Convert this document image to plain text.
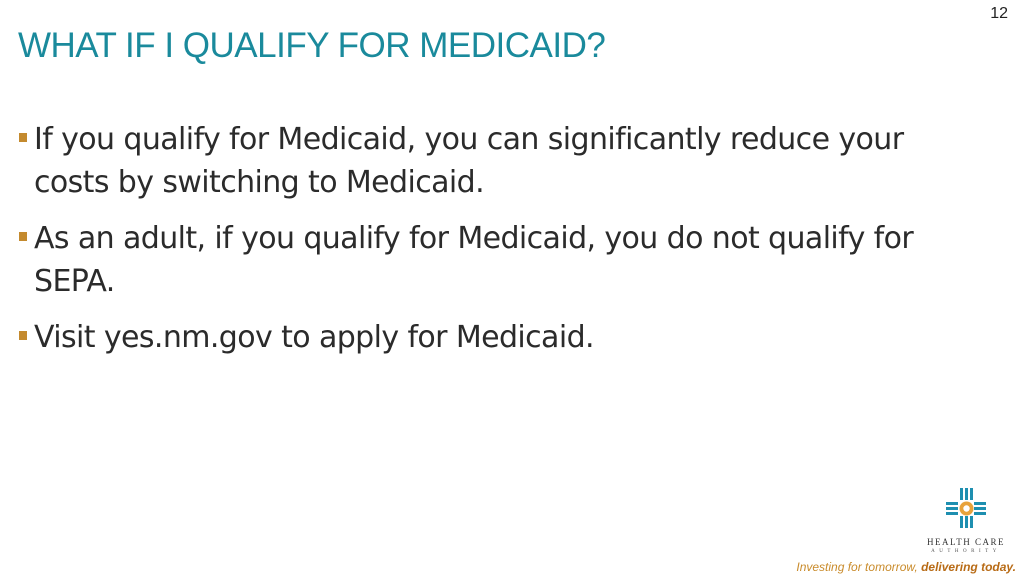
12
WHAT IF I QUALIFY FOR MEDICAID?
If you qualify for Medicaid, you can significantly reduce your costs by switching to Medicaid.
As an adult, if you qualify for Medicaid, you do not qualify for SEPA.
Visit yes.nm.gov to apply for Medicaid.
HEALTH CARE
AUTHORITY
Investing for tomorrow, delivering today.
